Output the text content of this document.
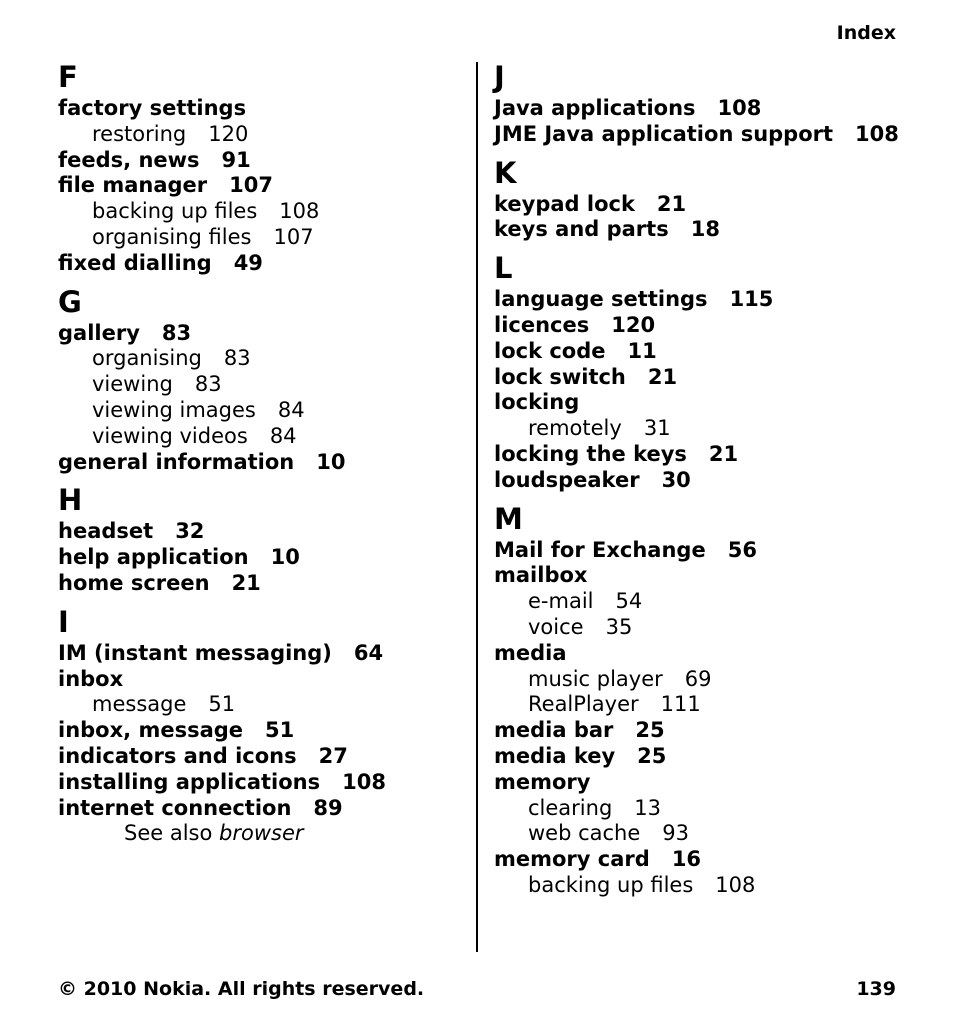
Index
F
factory settings
restoring 120
feeds, news 91
file manager 107
backing up files 108
organising files 107
fixed dialling 49
G
gallery 83
organising 83
viewing 83
viewing images 84
viewing videos 84
general information 10
H
headset 32
help application 10
home screen 21
I
IM (instant messaging) 64
inbox
message 51
inbox, message 51
indicators and icons 27
installing applications 108
internet connection 89
See also browser
J
Java applications 108
JME Java application support 108
K
keypad lock 21
keys and parts 18
L
language settings 115
licences 120
lock code 11
lock switch 21
locking
remotely 31
locking the keys 21
loudspeaker 30
M
Mail for Exchange 56
mailbox
e-mail 54
voice 35
media
music player 69
RealPlayer 111
media bar 25
media key 25
memory
clearing 13
web cache 93
memory card 16
backing up files 108
© 2010 Nokia. All rights reserved.	139
